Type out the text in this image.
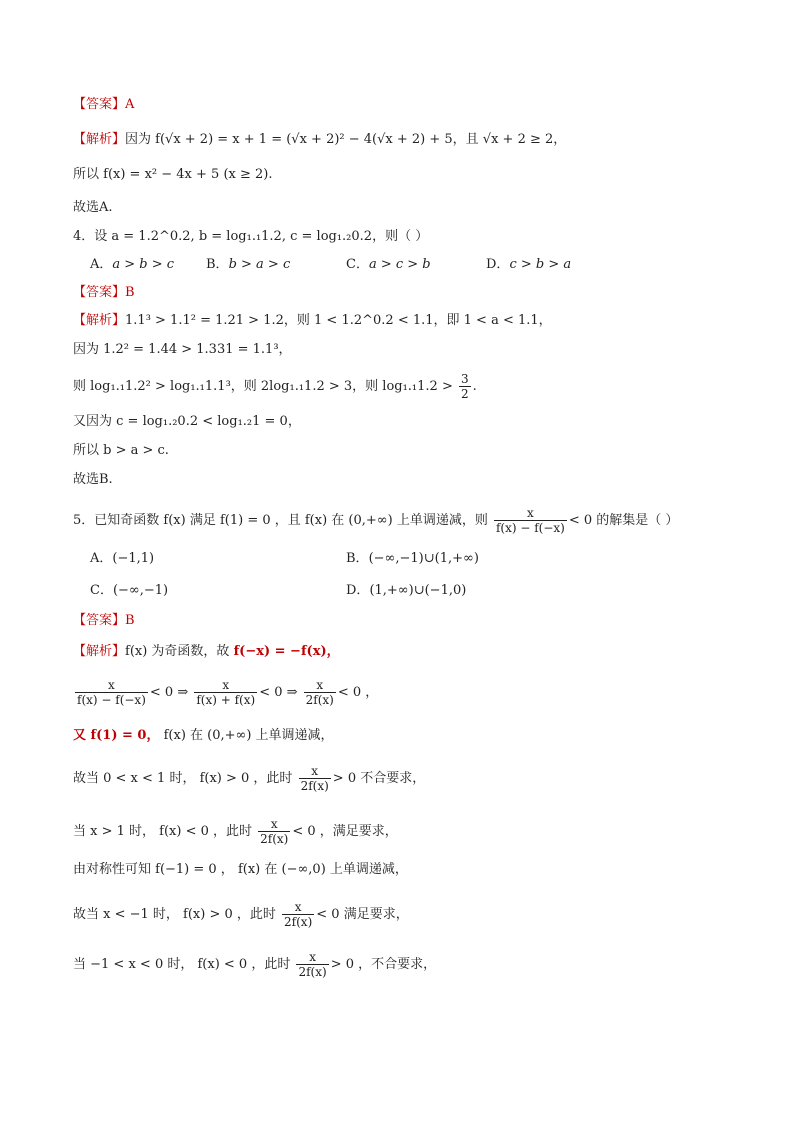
【答案】A
【解析】因为 f(√x + 2) = x + 1 = (√x + 2)² − 4(√x + 2) + 5，且 √x + 2 ≥ 2，
所以 f(x) = x² − 4x + 5 (x ≥ 2).
故选A.
4．设 a = 1.2^0.2, b = log₁.₁1.2, c = log₁.₂0.2，则（ ）
A．a > b > c B．b > a > c	C．a > c > b	D．c > b > a
【答案】B
【解析】1.1³ > 1.1² = 1.21 > 1.2，则 1 < 1.2^0.2 < 1.1，即 1 < a < 1.1，
因为 1.2² = 1.44 > 1.331 = 1.1³，
则 log₁.₁1.2² > log₁.₁1.1³，则 2log₁.₁1.2 > 3，则 $\log_1._11.2 > \frac{3}{2}$ .
又因为 c = log₁.₂0.2 < log₁.₂1 = 0，
所以 b > a > c.
故选B.
5．已知奇函数 f(x) 满足 f(1) = 0 ，且 f(x) 在 (0,+∞) 上单调递减，则 $\frac{x}{f(x) - f(-x)} < 0$ 的解集是（ ）
A．(−1,1)	B．(−∞,−1)∪(1,+∞)
C．(−∞,−1)	D．(1,+∞)∪(−1,0)
【答案】B
【解析】f(x) 为奇函数，故 f(−x) = −f(x)，
$\frac{x}{f(x) - f(-x)} < 0$ ⇒ $\frac{x}{f(x) + f(x)} < 0$ ⇒ $\frac{x}{2f(x)} < 0$ ，
又 f(1) = 0， f(x) 在 (0,+∞) 上单调递减，
故当 0 < x < 1 时， f(x) > 0 ，此时 $\frac{x}{2f(x)} > 0$ 不合要求，
当 x > 1 时， f(x) < 0 ，此时 $\frac{x}{2f(x)} < 0$ ，满足要求，
由对称性可知 f(−1) = 0 ， f(x) 在 (−∞,0) 上单调递减，
故当 x < −1 时， f(x) > 0 ，此时 $\frac{x}{2f(x)} < 0$ 满足要求，
当 −1 < x < 0 时， f(x) < 0 ，此时 $\frac{x}{2f(x)} > 0$ ，不合要求，
